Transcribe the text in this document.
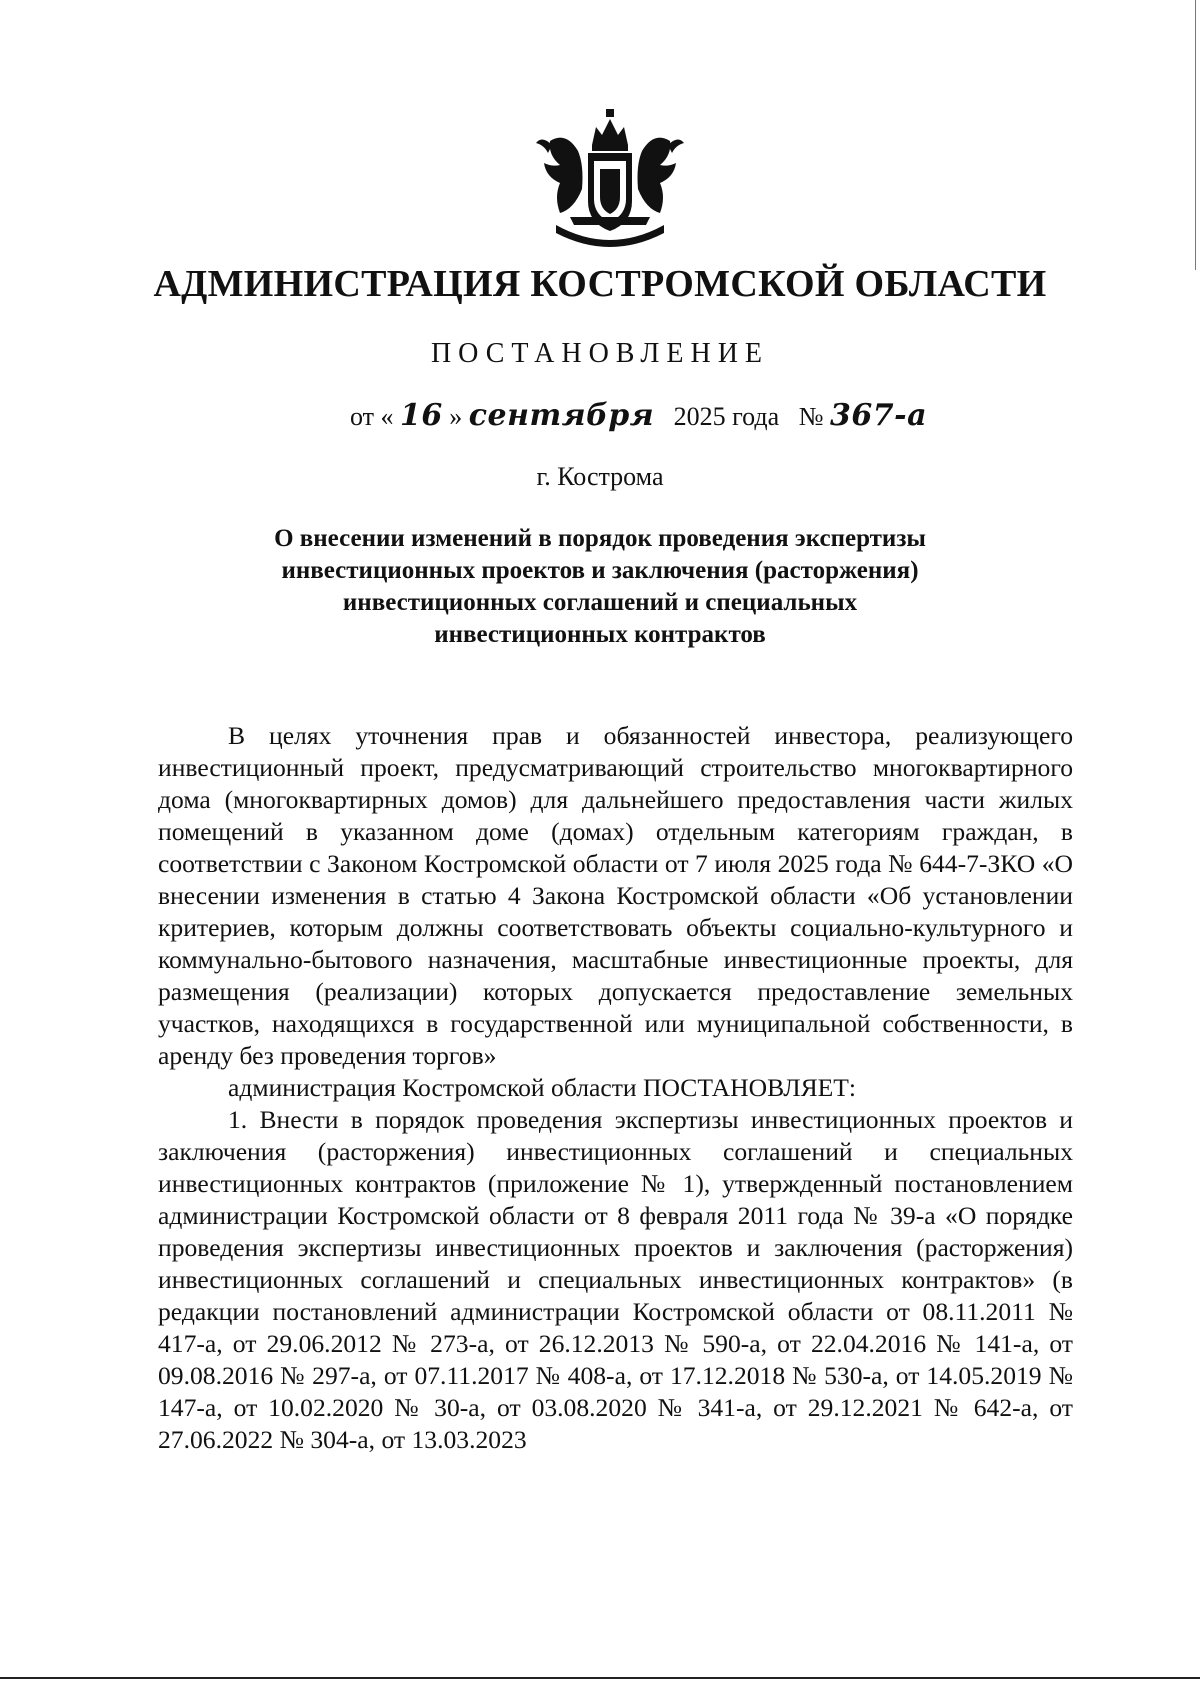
АДМИНИСТРАЦИЯ КОСТРОМСКОЙ ОБЛАСТИ
ПОСТАНОВЛЕНИЕ
от « 16 » сентября 2025 года № 367-а
г. Кострома
О внесении изменений в порядок проведения экспертизы
инвестиционных проектов и заключения (расторжения)
инвестиционных соглашений и специальных
инвестиционных контрактов

В целях уточнения прав и обязанностей инвестора, реализующего инвестиционный проект, предусматривающий строительство многоквартирного дома (многоквартирных домов) для дальнейшего предоставления части жилых помещений в указанном доме (домах) отдельным категориям граждан, в соответствии с Законом Костромской области от 7 июля 2025 года № 644-7-ЗКО «О внесении изменения в статью 4 Закона Костромской области «Об установлении критериев, которым должны соответствовать объекты социально-культурного и коммунально-бытового назначения, масштабные инвестиционные проекты, для размещения (реализации) которых допускается предоставление земельных участков, находящихся в государственной или муниципальной собственности, в аренду без проведения торгов»

администрация Костромской области ПОСТАНОВЛЯЕТ:

1. Внести в порядок проведения экспертизы инвестиционных проектов и заключения (расторжения) инвестиционных соглашений и специальных инвестиционных контрактов (приложение № 1), утвержденный постановлением администрации Костромской области от 8 февраля 2011 года № 39-а «О порядке проведения экспертизы инвестиционных проектов и заключения (расторжения) инвестиционных соглашений и специальных инвестиционных контрактов» (в редакции постановлений администрации Костромской области от 08.11.2011 № 417-а, от 29.06.2012 № 273-а, от 26.12.2013 № 590-а, от 22.04.2016 № 141-а, от 09.08.2016 № 297-а, от 07.11.2017 № 408-а, от 17.12.2018 № 530-а, от 14.05.2019 № 147-а, от 10.02.2020 № 30-а, от 03.08.2020 № 341-а, от 29.12.2021 № 642-а, от 27.06.2022 № 304-а, от 13.03.2023
